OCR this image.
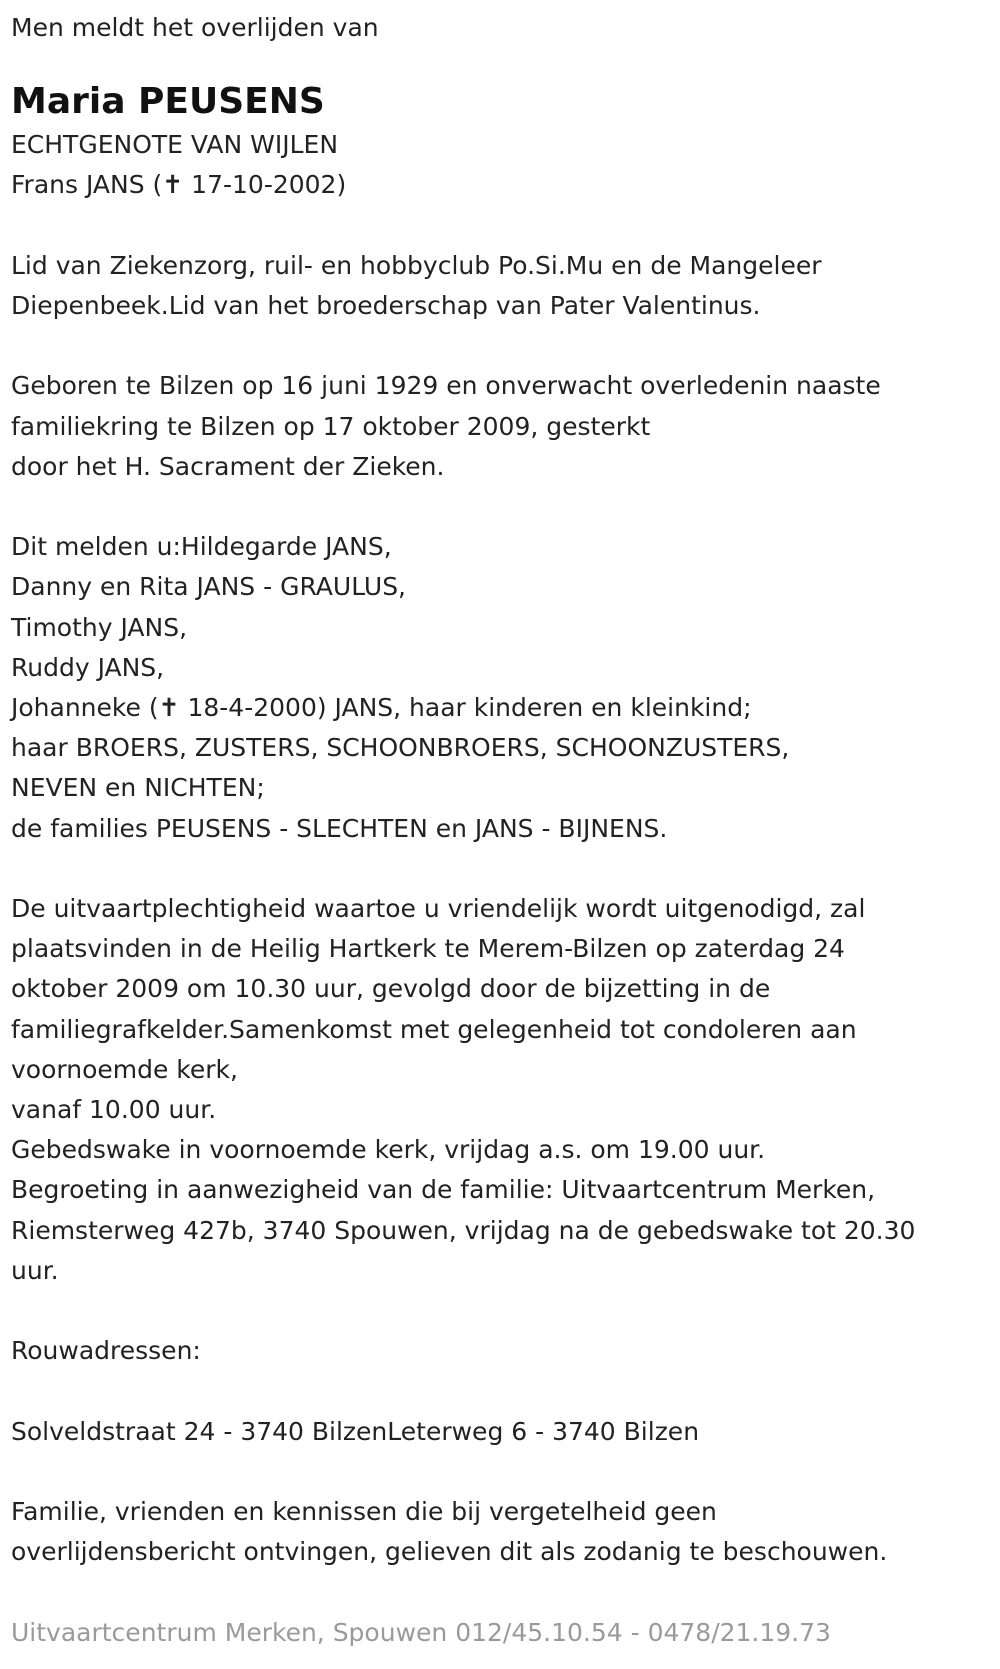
Men meldt het overlijden van

Maria PEUSENS

ECHTGENOTE VAN WIJLEN

Frans JANS (✝ 17-10-2002)

Lid van Ziekenzorg, ruil- en hobbyclub Po.Si.Mu en de Mangeleer

Diepenbeek.Lid van het broederschap van Pater Valentinus.

Geboren te Bilzen op 16 juni 1929 en onverwacht overledenin naaste

familiekring te Bilzen op 17 oktober 2009, gesterkt

door het H. Sacrament der Zieken.

Dit melden u:Hildegarde JANS,

Danny en Rita JANS - GRAULUS,

Timothy JANS,

Ruddy JANS,

Johanneke (✝ 18-4-2000) JANS, haar kinderen en kleinkind;

haar BROERS, ZUSTERS, SCHOONBROERS, SCHOONZUSTERS,

NEVEN en NICHTEN;

de families PEUSENS - SLECHTEN en JANS - BIJNENS.

De uitvaartplechtigheid waartoe u vriendelijk wordt uitgenodigd, zal

plaatsvinden in de Heilig Hartkerk te Merem-Bilzen op zaterdag 24

oktober 2009 om 10.30 uur, gevolgd door de bijzetting in de

familiegrafkelder.Samenkomst met gelegenheid tot condoleren aan

voornoemde kerk,

vanaf 10.00 uur.

Gebedswake in voornoemde kerk, vrijdag a.s. om 19.00 uur.

Begroeting in aanwezigheid van de familie: Uitvaartcentrum Merken,

Riemsterweg 427b, 3740 Spouwen, vrijdag na de gebedswake tot 20.30

uur.

Rouwadressen:

Solveldstraat 24 - 3740 BilzenLeterweg 6 - 3740 Bilzen

Familie, vrienden en kennissen die bij vergetelheid geen

overlijdensbericht ontvingen, gelieven dit als zodanig te beschouwen.

Uitvaartcentrum Merken, Spouwen 012/45.10.54 - 0478/21.19.73
